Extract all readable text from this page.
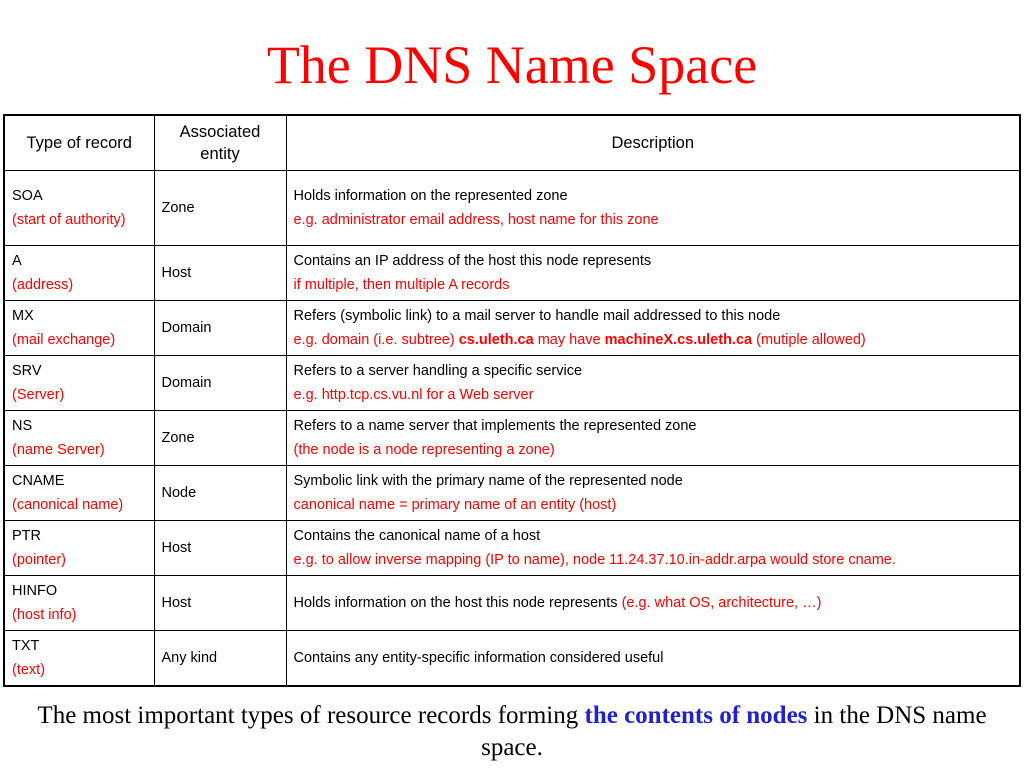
The DNS Name Space
Type of record	Associated entity	Description

SOA
(start of authority)	Zone	Holds information on the represented zone
e.g. administrator email address, host name for this zone

A
(address)	Host	Contains an IP address of the host this node represents
if multiple, then multiple A records

MX
(mail exchange)	Domain	Refers (symbolic link) to a mail server to handle mail addressed to this node
e.g. domain (i.e. subtree) cs.uleth.ca may have machineX.cs.uleth.ca (mutiple allowed)

SRV
(Server)	Domain	Refers to a server handling a specific service
e.g. http.tcp.cs.vu.nl for a Web server

NS
(name Server)	Zone	Refers to a name server that implements the represented zone
(the node is a node representing a zone)

CNAME
(canonical name)	Node	Symbolic link with the primary name of the represented node
canonical name = primary name of an entity (host)

PTR
(pointer)	Host	Contains the canonical name of a host
e.g. to allow inverse mapping (IP to name), node 11.24.37.10.in-addr.arpa would store cname.

HINFO
(host info)	Host	Holds information on the host this node represents (e.g. what OS, architecture, …)

TXT
(text)	Any kind	Contains any entity-specific information considered useful
The most important types of resource records forming the contents of nodes in the DNS name space.
